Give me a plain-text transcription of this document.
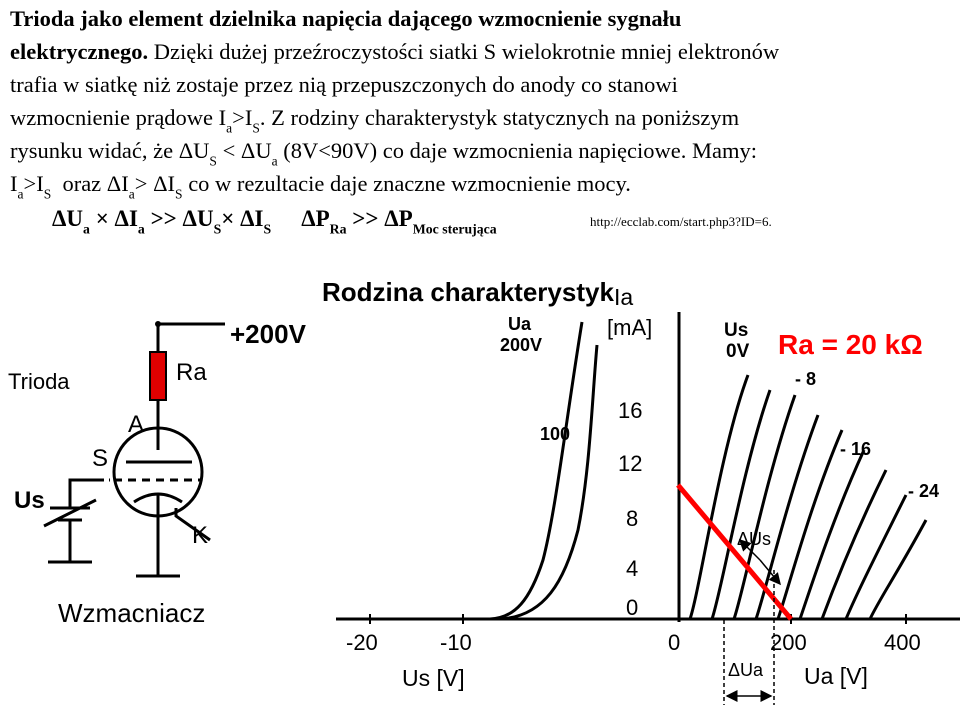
Trioda jako element dzielnika napięcia dającego wzmocnienie sygnału
elektrycznego. Dzięki dużej przeźroczystości siatki S wielokrotnie mniej elektronów
trafia w siatkę niż zostaje przez nią przepuszczonych do anody co stanowi
wzmocnienie prądowe $I_a>I_S$. Z rodziny charakterystyk statycznych na poniższym
rysunku widać, że $\Delta U_S < \Delta U_a$ (8V<90V) co daje wzmocnienia napięciowe. Mamy:
$I_a>I_S$  oraz $\Delta I_a> \Delta I_S$ co w rezultacie daje znaczne wzmocnienie mocy.
$\Delta U_a \times \Delta I_a >> \Delta U_S\times \Delta I_S$ $\Delta P_{Ra} >> \Delta P_{Moc sterująca}$
http://ecclab.com/start.php3?ID=6.
+200V
Trioda	Ra
A
S
K
Us
Wzmacniacz
Rodzina charakterystyk Ia
[mA]
16
12
8
4
0
-20	-10	0	200	400
Us [V]	Ua [V]
Ua
200V
100
Us
0V
- 8
- 16
- 24
Ra = 20 kΩ
ΔUs
ΔUa
